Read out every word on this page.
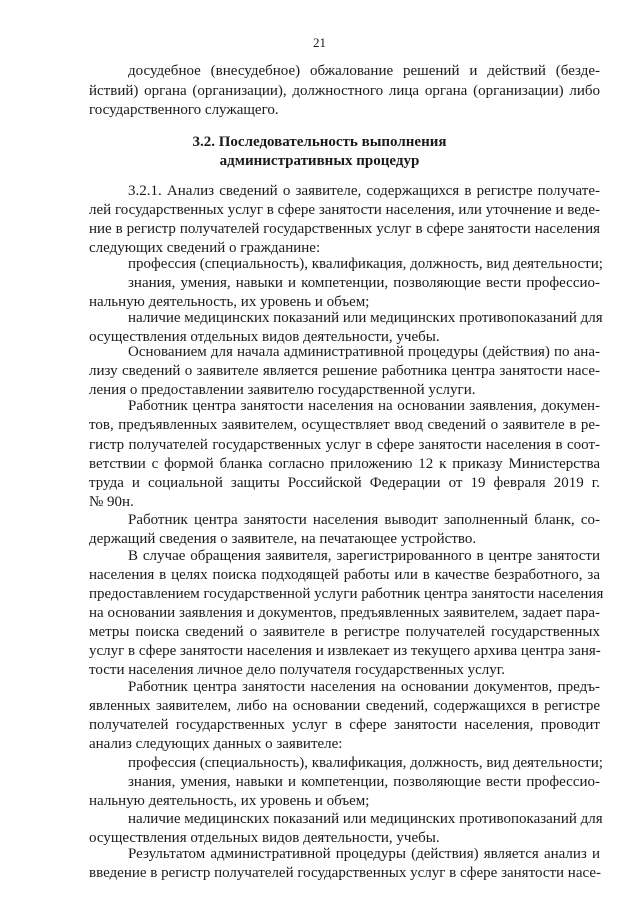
21
досудебное (внесудебное) обжалование решений и действий (безде-
йствий) органа (организации), должностного лица органа (организации) либо
государственного служащего.
3.2. Последовательность выполнения
административных процедур
3.2.1. Анализ сведений о заявителе, содержащихся в регистре получате-
лей государственных услуг в сфере занятости населения, или уточнение и веде-
ние в регистр получателей государственных услуг в сфере занятости населения
следующих сведений о гражданине:
профессия (специальность), квалификация, должность, вид деятельности;
знания, умения, навыки и компетенции, позволяющие вести профессио-
нальную деятельность, их уровень и объем;
наличие медицинских показаний или медицинских противопоказаний для
осуществления отдельных видов деятельности, учебы.
Основанием для начала административной процедуры (действия) по ана-
лизу сведений о заявителе является решение работника центра занятости насе-
ления о предоставлении заявителю государственной услуги.
Работник центра занятости населения на основании заявления, докумен-
тов, предъявленных заявителем, осуществляет ввод сведений о заявителе в ре-
гистр получателей государственных услуг в сфере занятости населения в соот-
ветствии с формой бланка согласно приложению 12 к приказу Министерства
труда и социальной защиты Российской Федерации от 19 февраля 2019 г.
№ 90н.
Работник центра занятости населения выводит заполненный бланк, со-
держащий сведения о заявителе, на печатающее устройство.
В случае обращения заявителя, зарегистрированного в центре занятости
населения в целях поиска подходящей работы или в качестве безработного, за
предоставлением государственной услуги работник центра занятости населения
на основании заявления и документов, предъявленных заявителем, задает пара-
метры поиска сведений о заявителе в регистре получателей государственных
услуг в сфере занятости населения и извлекает из текущего архива центра заня-
тости населения личное дело получателя государственных услуг.
Работник центра занятости населения на основании документов, предъ-
явленных заявителем, либо на основании сведений, содержащихся в регистре
получателей государственных услуг в сфере занятости населения, проводит
анализ следующих данных о заявителе:
профессия (специальность), квалификация, должность, вид деятельности;
знания, умения, навыки и компетенции, позволяющие вести профессио-
нальную деятельность, их уровень и объем;
наличие медицинских показаний или медицинских противопоказаний для
осуществления отдельных видов деятельности, учебы.
Результатом административной процедуры (действия) является анализ и
введение в регистр получателей государственных услуг в сфере занятости насе-
